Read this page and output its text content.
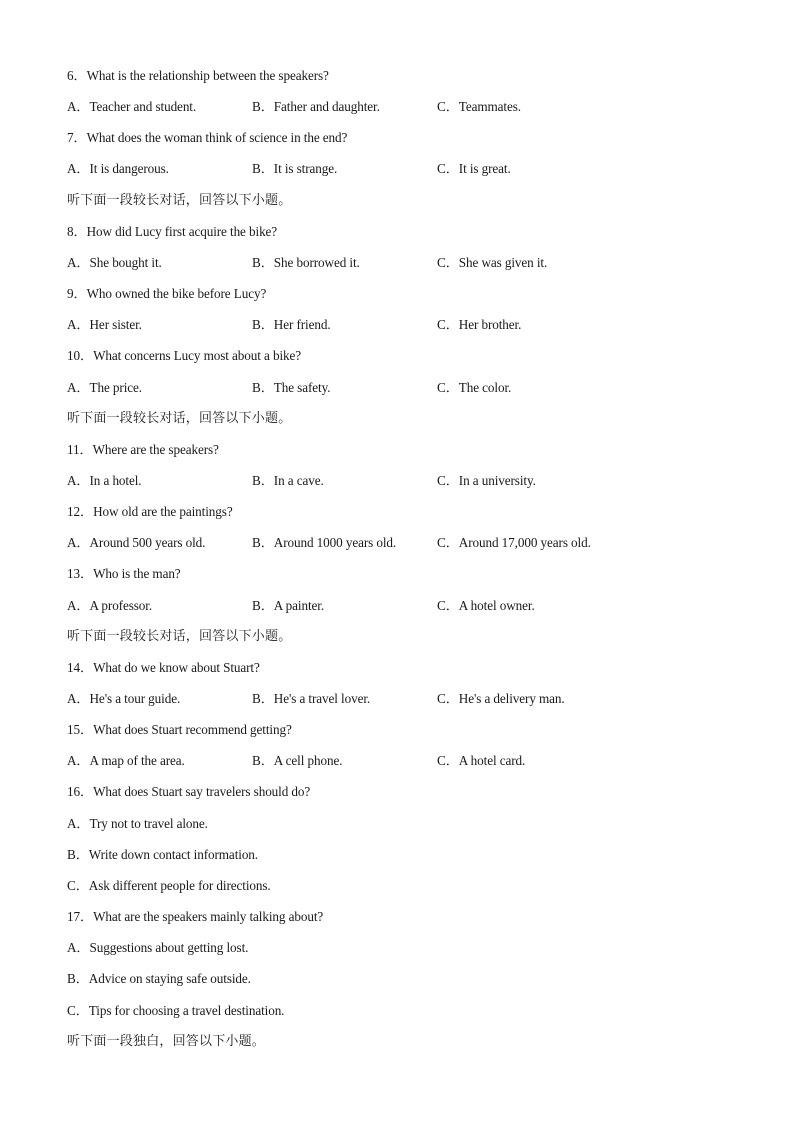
6．What is the relationship between the speakers?
A．Teacher and student.	B．Father and daughter.	C．Teammates.
7．What does the woman think of science in the end?
A．It is dangerous.	B．It is strange.	C．It is great.
听下面一段较长对话，回答以下小题。
8．How did Lucy first acquire the bike?
A．She bought it.	B．She borrowed it.	C．She was given it.
9．Who owned the bike before Lucy?
A．Her sister.	B．Her friend.	C．Her brother.
10．What concerns Lucy most about a bike?
A．The price.	B．The safety.	C．The color.
听下面一段较长对话，回答以下小题。
11．Where are the speakers?
A．In a hotel.	B．In a cave.	C．In a university.
12．How old are the paintings?
A．Around 500 years old.	B．Around 1000 years old.	C．Around 17,000 years old.
13．Who is the man?
A．A professor.	B．A painter.	C．A hotel owner.
听下面一段较长对话，回答以下小题。
14．What do we know about Stuart?
A．He's a tour guide.	B．He's a travel lover.	C．He's a delivery man.
15．What does Stuart recommend getting?
A．A map of the area.	B．A cell phone.	C．A hotel card.
16．What does Stuart say travelers should do?
A．Try not to travel alone.
B．Write down contact information.
C．Ask different people for directions.
17．What are the speakers mainly talking about?
A．Suggestions about getting lost.
B．Advice on staying safe outside.
C．Tips for choosing a travel destination.
听下面一段独白，回答以下小题。
